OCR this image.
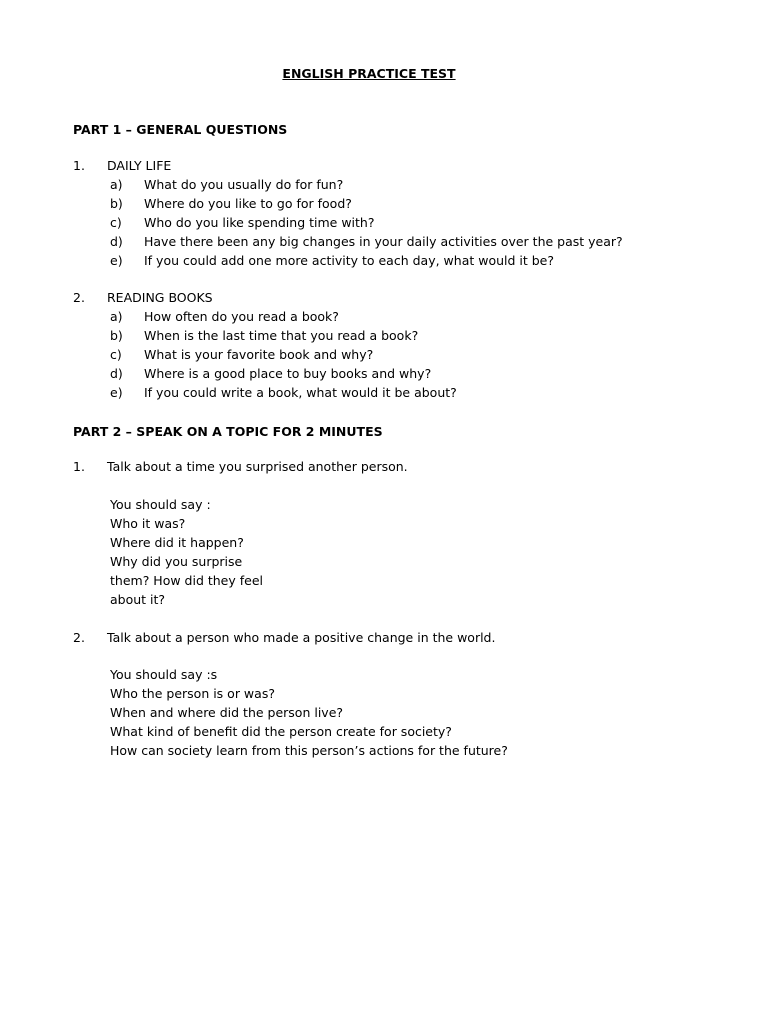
ENGLISH PRACTICE TEST
PART 1 – GENERAL QUESTIONS
1. DAILY LIFE
a) What do you usually do for fun?
b) Where do you like to go for food?
c) Who do you like spending time with?
d) Have there been any big changes in your daily activities over the past year?
e) If you could add one more activity to each day, what would it be?
2. READING BOOKS
a) How often do you read a book?
b) When is the last time that you read a book?
c) What is your favorite book and why?
d) Where is a good place to buy books and why?
e) If you could write a book, what would it be about?
PART 2 – SPEAK ON A TOPIC FOR 2 MINUTES
1. Talk about a time you surprised another person.
You should say :
Who it was?
Where did it happen?
Why did you surprise
them? How did they feel
about it?
2. Talk about a person who made a positive change in the world.
You should say :s
Who the person is or was?
When and where did the person live?
What kind of benefit did the person create for society?
How can society learn from this person’s actions for the future?
